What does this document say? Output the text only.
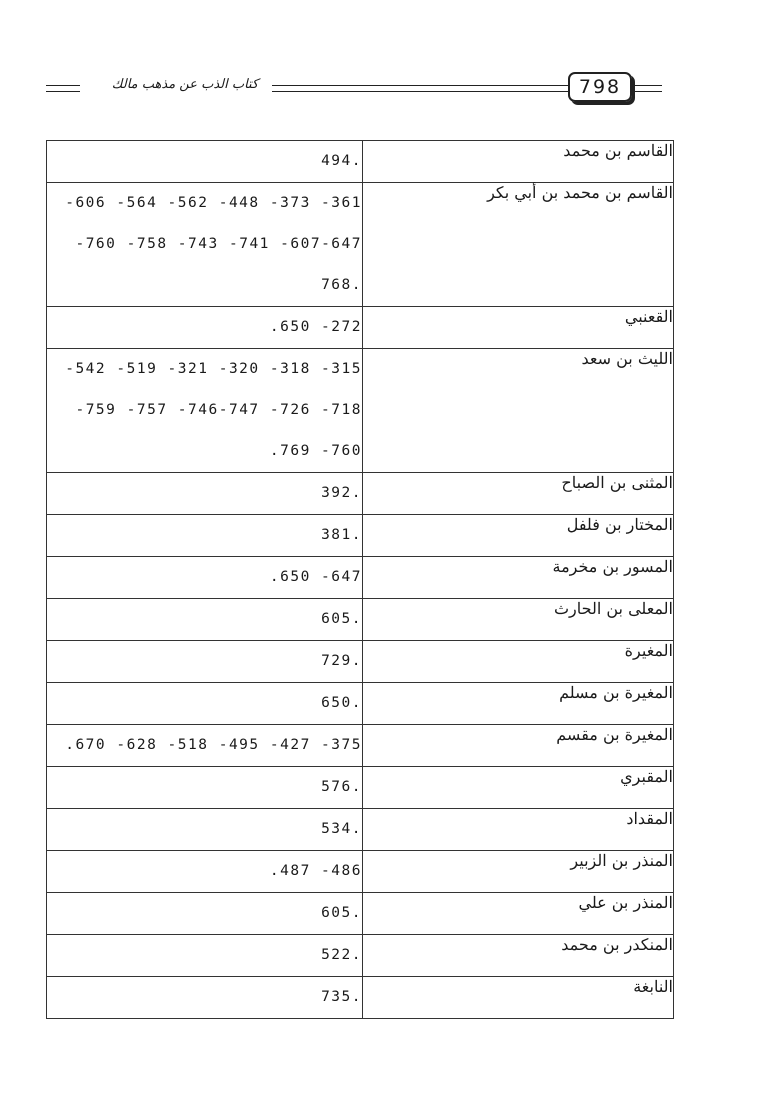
كتاب الذب عن مذهب مالك	798
.494	القاسم بن محمد

361- 373- 448- 562- 564- 606-
607-647- 741- 743- 758- 760-
.768	القاسم بن محمد بن أبي بكر

272- 650.	القعنبي

315- 318- 320- 321- 519- 542-
718- 726- 746-747- 757- 759-
760- 769.	الليث بن سعد

.392	المثنى بن الصباح

.381	المختار بن فلفل

647- 650.	المسور بن مخرمة

.605	المعلى بن الحارث

.729	المغيرة

.650	المغيرة بن مسلم

375- 427- 495- 518- 628- 670.	المغيرة بن مقسم

.576	المقبري

.534	المقداد

486- 487.	المنذر بن الزبير

.605	المنذر بن علي

.522	المنكدر بن محمد

.735	النابغة
